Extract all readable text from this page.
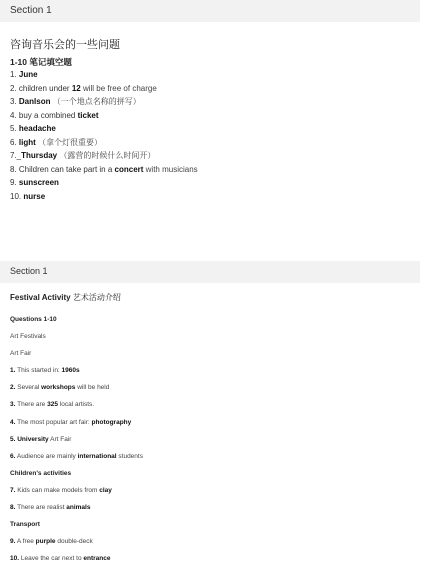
Section 1
咨询音乐会的一些问题
1-10 笔记填空题
1. June
2. children under 12 will be free of charge
3. Danlson （一个地点名称的拼写）
4. buy a combined ticket
5. headache
6. light （拿个灯很重要）
7._Thursday （露营的时候什么时间开）
8. Children can take part in a concert with musicians
9. sunscreen
10. nurse
Section 1
Festival Activity 艺术活动介绍
Questions 1-10
Art Festivals
Art Fair
1. This started in: 1960s
2. Several workshops will be held
3. There are 325 local artists.
4. The most popular art fair: photography
5. University Art Fair
6. Audience are mainly international students
Children's activities
7. Kids can make models from clay
8. There are realist animals
Transport
9. A free purple double-deck
10. Leave the car next to entrance
